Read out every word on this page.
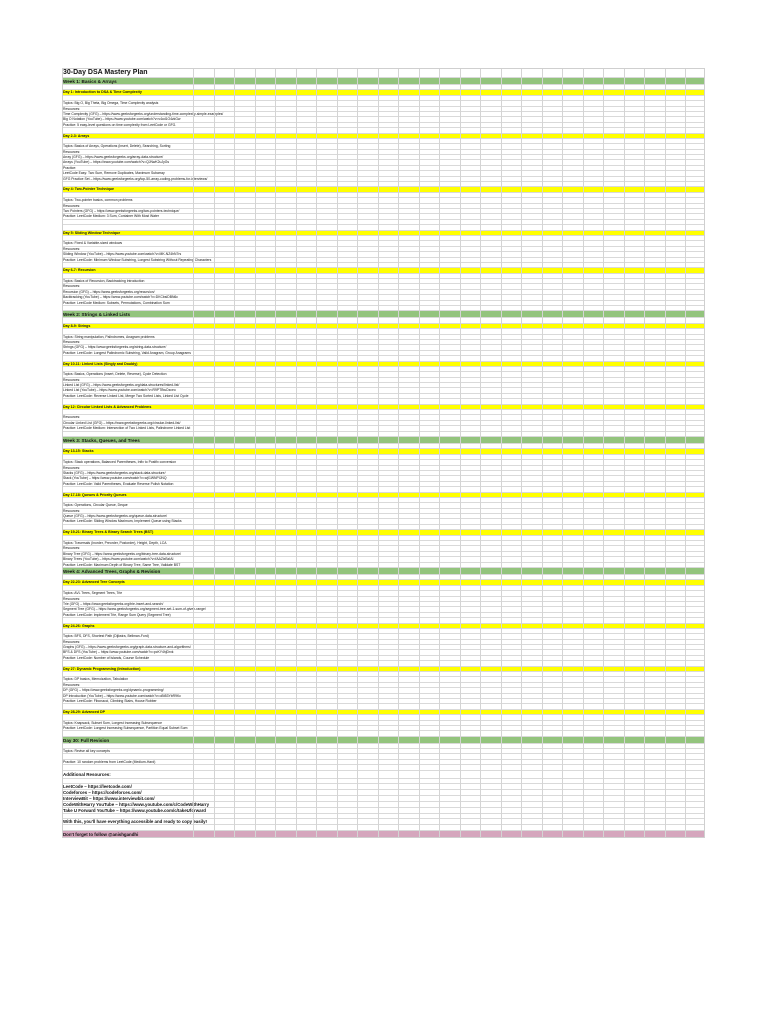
30-Day DSA Mastery Plan
Week 1: Basics & Arrays
Day 1: Introduction to DSA & Time Complexity
Topics: Big O, Big Theta, Big Omega, Time Complexity analysis
Resources:
Time Complexity (GFG) – https://www.geeksforgeeks.org/understanding-time-complexity-simple-examples/
Big O Notation (YouTube) – https://www.youtube.com/watch?v=v4cd1O4zkGw
Practice: 5 easy-level questions on time complexity from LeetCode or GFG.
Day 2-3: Arrays
Topics: Basics of Arrays, Operations (Insert, Delete), Searching, Sorting
Resources:
Array (GFG) – https://www.geeksforgeeks.org/array-data-structure/
Arrays (YouTube) – https://www.youtube.com/watch?v=QJNwK2uJyGs
Practice:
LeetCode Easy: Two Sum, Remove Duplicates, Maximum Subarray
GFG Practice Set – https://www.geeksforgeeks.org/top-50-array-coding-problems-for-interviews/
Day 4: Two-Pointer Technique
Topics: Two-pointer basics, common problems
Resources:
Two Pointers (GFG) – https://www.geeksforgeeks.org/two-pointers-technique/
Practice: LeetCode Medium: 3 Sum, Container With Most Water
Day 5: Sliding Window Technique
Topics: Fixed & Variable-sized windows
Resources:
Sliding Window (YouTube) – https://www.youtube.com/watch?v=MK-NZ4hN7rs
Practice: LeetCode: Minimum Window Substring, Longest Substring Without Repeating Characters
Day 6-7: Recursion
Topics: Basics of Recursion, Backtracking Introduction
Resources:
Recursion (GFG) – https://www.geeksforgeeks.org/recursion/
Backtracking (YouTube) – https://www.youtube.com/watch?v=DKCbsiDBN6c
Practice: LeetCode Medium: Subsets, Permutations, Combination Sum
Week 2: Strings & Linked Lists
Day 8-9: Strings
Topics: String manipulation, Palindromes, Anagram problems
Resources:
Strings (GFG) – https://www.geeksforgeeks.org/string-data-structure/
Practice: LeetCode: Longest Palindromic Substring, Valid Anagram, Group Anagrams
Day 10-11: Linked Lists (Singly and Doubly)
Topics: Basics, Operations (Insert, Delete, Reverse), Cycle Detection
Resources:
Linked List (GFG) – https://www.geeksforgeeks.org/data-structures/linked-list/
Linked List (YouTube) – https://www.youtube.com/watch?v=R9PTBwOzceo
Practice: LeetCode: Reverse Linked List, Merge Two Sorted Lists, Linked List Cycle
Day 12: Circular Linked Lists & Advanced Problems
Resources:
Circular Linked List (GFG) – https://www.geeksforgeeks.org/circular-linked-list/
Practice: LeetCode Medium: Intersection of Two Linked Lists, Palindrome Linked List
Week 3: Stacks, Queues, and Trees
Day 13-15: Stacks
Topics: Stack operations, Balanced Parentheses, Infix to Postfix conversion
Resources:
Stacks (GFG) – https://www.geeksforgeeks.org/stack-data-structure/
Stack (YouTube) – https://www.youtube.com/watch?v=wjI1WNPIJNQ
Practice: LeetCode: Valid Parentheses, Evaluate Reverse Polish Notation
Day 17-18: Queues & Priority Queues
Topics: Operations, Circular Queue, Deque
Resources:
Queue (GFG) – https://www.geeksforgeeks.org/queue-data-structure/
Practice: LeetCode: Sliding Window Maximum, Implement Queue using Stacks
Day 19-21: Binary Trees & Binary Search Trees (BST)
Topics: Traversals (Inorder, Preorder, Postorder), Height, Depth, LCA
Resources:
Binary Tree (GFG) – https://www.geeksforgeeks.org/binary-tree-data-structure/
Binary Trees (YouTube) – https://www.youtube.com/watch?v=fAAZixBzIAI
Practice: LeetCode: Maximum Depth of Binary Tree, Same Tree, Validate BST
Week 4: Advanced Trees, Graphs & Revision
Day 22-23: Advanced Tree Concepts
Topics: AVL Trees, Segment Trees, Trie
Resources:
Trie (GFG) – https://www.geeksforgeeks.org/trie-insert-and-search/
Segment Tree (GFG) – https://www.geeksforgeeks.org/segment-tree-set-1-sum-of-given-range/
Practice: LeetCode: Implement Trie, Range Sum Query (Segment Tree)
Day 24-26: Graphs
Topics: BFS, DFS, Shortest Path (Dijkstra, Bellman-Ford)
Resources:
Graphs (GFG) – https://www.geeksforgeeks.org/graph-data-structure-and-algorithms/
BFS & DFS (YouTube) – https://www.youtube.com/watch?v=pcKY4hjDrxk
Practice: LeetCode: Number of Islands, Course Schedule
Day 27: Dynamic Programming (Introduction)
Topics: DP basics, Memoization, Tabulation
Resources:
DP (GFG) – https://www.geeksforgeeks.org/dynamic-programming/
DP Introduction (YouTube) – https://www.youtube.com/watch?v=oBt53YbR9Kc
Practice: LeetCode: Fibonacci, Climbing Stairs, House Robber
Day 28-29: Advanced DP
Topics: Knapsack, Subset Sum, Longest Increasing Subsequence
Practice: LeetCode: Longest Increasing Subsequence, Partition Equal Subset Sum
Day 30: Full Revision
Topics: Revise all key concepts
Practice: 10 random problems from LeetCode (Medium-Hard)
Additional Resources:
LeetCode – https://leetcode.com/
Codeforces – https://codeforces.com/
InterviewBit – https://www.interviewbit.com/
CodeWithHarry YouTube – https://www.youtube.com/c/CodeWithHarry
Take U Forward YouTube – https://www.youtube.com/c/takeUforward
With this, you'll have everything accessible and ready to copy easily!
Don't forget to follow @anishgandhi
